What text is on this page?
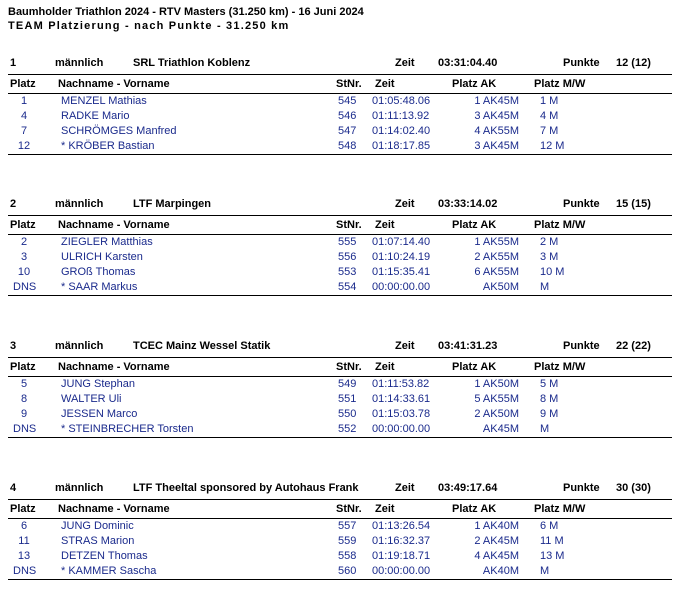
Baumholder Triathlon 2024 - RTV Masters (31.250 km) - 16 Juni 2024
TEAM Platzierung - nach Punkte - 31.250 km
1	männlich	SRL Triathlon Koblenz	Zeit 03:31:04.40	Punkte 12 (12)
Platz Nachname - Vorname	StNr. Zeit	Platz AK	Platz M/W
1	MENZEL Mathias	545 01:05:48.06	1 AK45M 1 M
4	RADKE Mario	546 01:11:13.92	3 AK45M 4 M
7	SCHRÖMGES Manfred	547 01:14:02.40	4 AK55M 7 M
12	* KRÖBER Bastian	548 01:18:17.85	3 AK45M 12 M
2	männlich	LTF Marpingen	Zeit 03:33:14.02	Punkte 15 (15)
Platz Nachname - Vorname	StNr. Zeit	Platz AK	Platz M/W
2	ZIEGLER Matthias	555 01:07:14.40	1 AK55M 2 M
3	ULRICH Karsten	556 01:10:24.19	2 AK55M 3 M
10	GROß Thomas	553 01:15:35.41	6 AK55M 10 M
DNS * SAAR Markus	554 00:00:00.00	AK50M M
3	männlich	TCEC Mainz Wessel Statik	Zeit 03:41:31.23	Punkte 22 (22)
Platz Nachname - Vorname	StNr. Zeit	Platz AK	Platz M/W
5	JUNG Stephan	549 01:11:53.82	1 AK50M 5 M
8	WALTER Uli	551 01:14:33.61	5 AK55M 8 M
9	JESSEN Marco	550 01:15:03.78	2 AK50M 9 M
DNS * STEINBRECHER Torsten	552 00:00:00.00	AK45M M
4	männlich	LTF Theeltal sponsored by Autohaus Frank	Zeit 03:49:17.64	Punkte 30 (30)
Platz Nachname - Vorname	StNr. Zeit	Platz AK	Platz M/W
6	JUNG Dominic	557 01:13:26.54	1 AK40M 6 M
11	STRAS Marion	559 01:16:32.37	2 AK45M 11 M
13	DETZEN Thomas	558 01:19:18.71	4 AK45M 13 M
DNS * KAMMER Sascha	560 00:00:00.00	AK40M M
